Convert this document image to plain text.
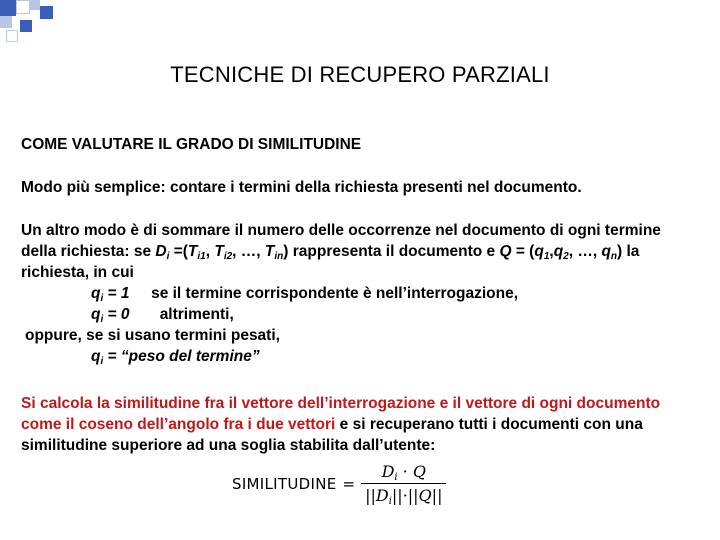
TECNICHE DI RECUPERO PARZIALI
COME VALUTARE IL GRADO DI SIMILITUDINE
Modo più semplice: contare i termini della richiesta presenti nel documento.
Un altro modo è di sommare il numero delle occorrenze nel documento di ogni termine della richiesta: se $D_i =(T_{i1}$, $T_{i2}$, …, $T_{in}$) rappresenta il documento e $Q = (q_1,q_2$, …, $q_n$) la richiesta, in cui
$q_i = 1$     se il termine corrispondente è nell’interrogazione,
$q_i = 0$       altrimenti,
oppure, se si usano termini pesati,
$q_i$ = “peso del termine”
Si calcola la similitudine fra il vettore dell’interrogazione e il vettore di ogni documento come il coseno dell’angolo fra i due vettori e si recuperano tutti i documenti con una similitudine superiore ad una soglia stabilita dall’utente:
SIMILITUDINE = $\frac{D_i \cdot Q}{||D_i||\cdot||Q||}$
